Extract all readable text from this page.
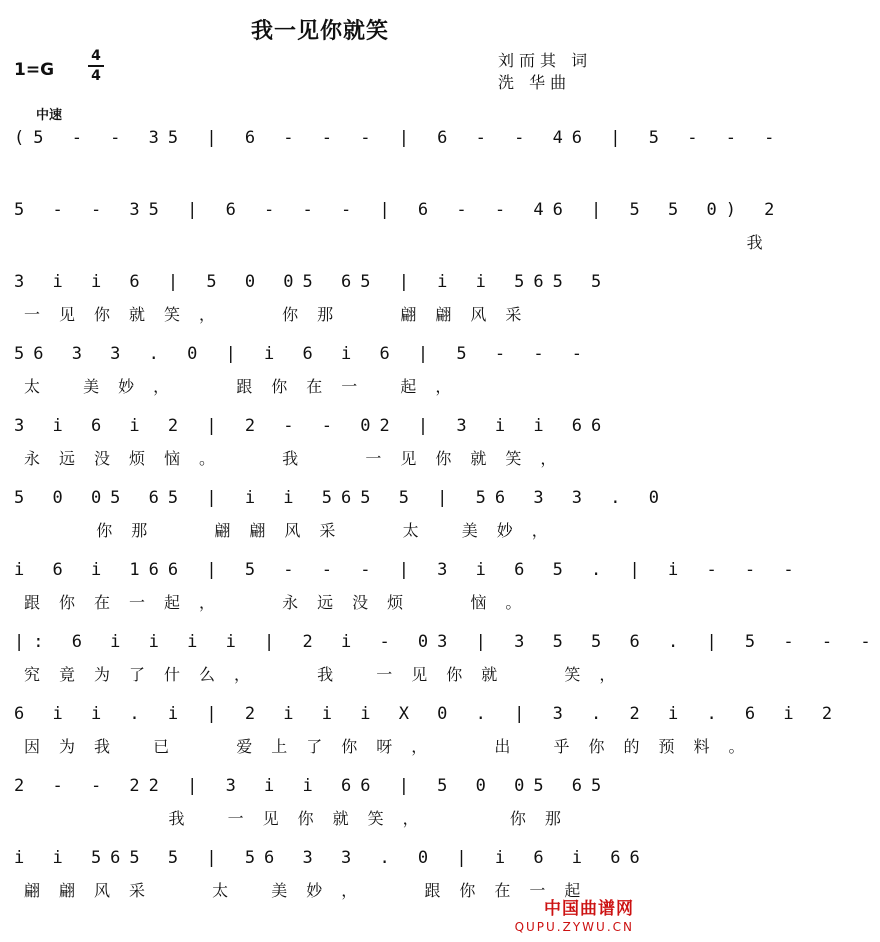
我一见你就笑
1=G
4
4
刘而其 词
洗 华曲
中速
(5 - - 35 | 6 - - - | 6 - - 46 | 5 - - -
5 - - 35 | 6 - - - | 6 - - 46 | 5 5 0) 2
我
3 i i 6 | 5 0 05 65 | i i 565 5
一见你就笑，  你那  翩翩风采
56 3 3 . 0 | i 6 i 6 | 5 - - -
太 美妙，  跟你在一 起，
3 i 6 i 2 | 2 - - 02 | 3 i i 66
永远没烦恼。  我  一见你就笑，
5 0 05 65 | i i 565 5 | 56 3 3 . 0
你那  翩翩风采  太 美妙，
i 6 i 166 | 5 - - - | 3 i 6 5 . | i - - -
跟你在一起，  永远没烦  恼。
|: 6 i i i i | 2 i - 03 | 3 5 5 6 . | 5 - - -
究竟为了什么，  我 一见你就  笑，
6 i i . i | 2 i i i X 0 . | 3 . 2 i . 6 i 2
因为我 已  爱上了你呀，  出 乎你的预料。
2 - - 22 | 3 i i 66 | 5 0 05 65
我 一见你就笑，   你那
i i 565 5 | 56 3 3 . 0 | i 6 i 66
翩翩风采  太 美妙，  跟你在一起
中国曲谱网
QUPU.ZYWU.CN
